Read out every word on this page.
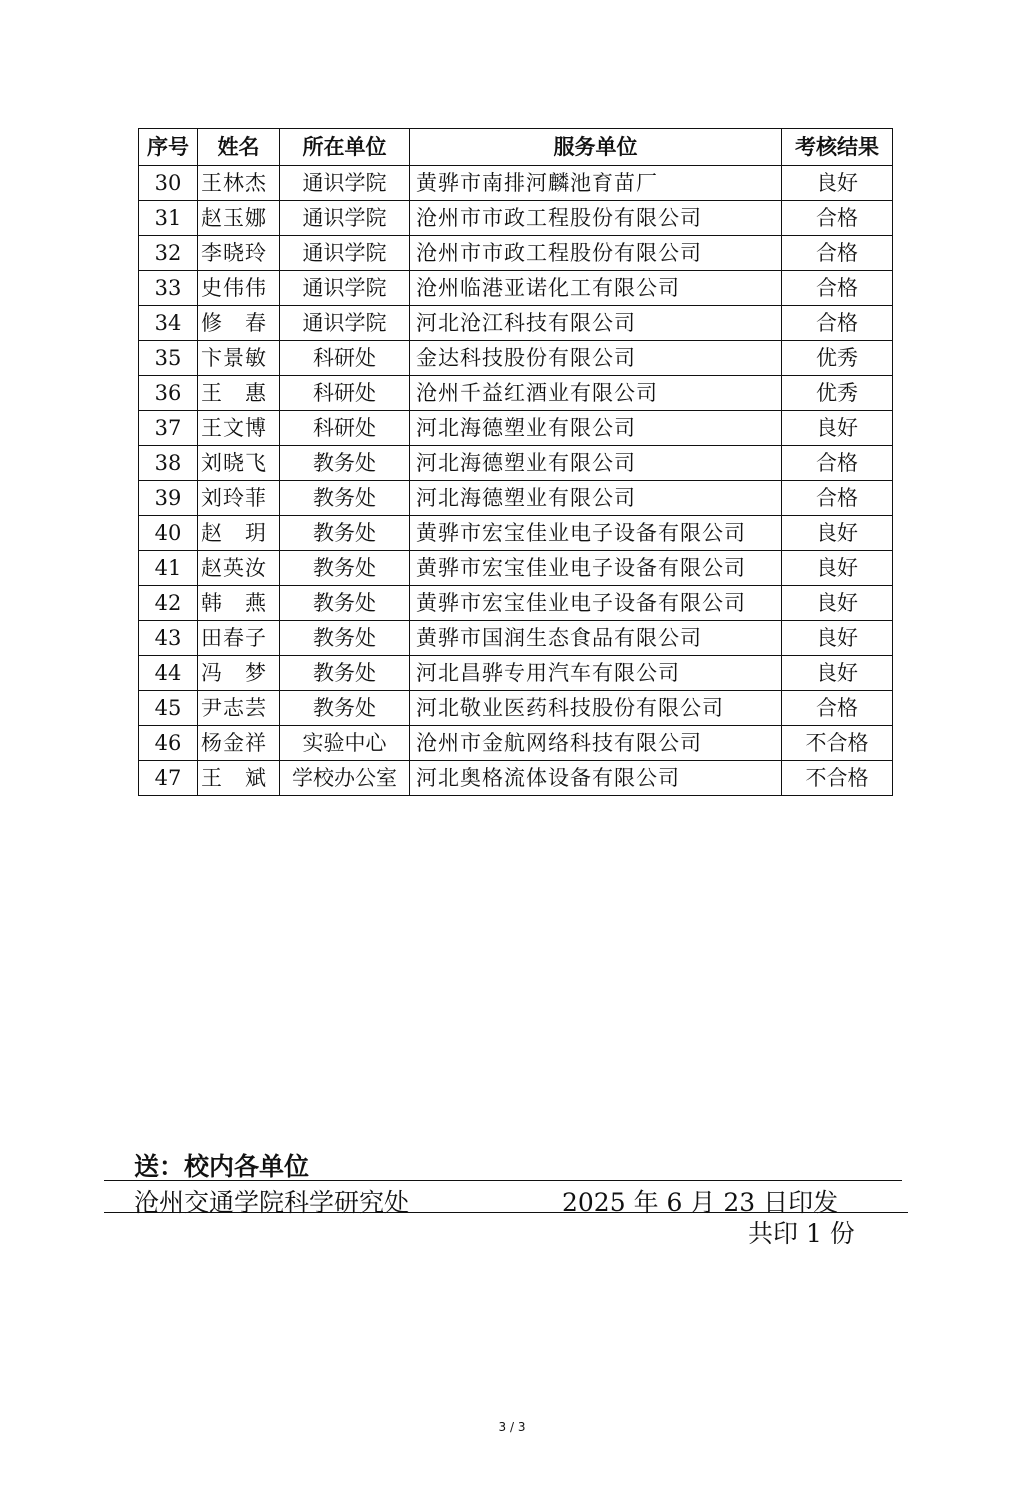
序号	姓名	所在单位	服务单位	考核结果
30	王林杰	通识学院	黄骅市南排河麟池育苗厂	良好
31	赵玉娜	通识学院	沧州市市政工程股份有限公司	合格
32	李晓玲	通识学院	沧州市市政工程股份有限公司	合格
33	史伟伟	通识学院	沧州临港亚诺化工有限公司	合格
34	修　春	通识学院	河北沧江科技有限公司	合格
35	卞景敏	科研处	金达科技股份有限公司	优秀
36	王　惠	科研处	沧州千益红酒业有限公司	优秀
37	王文博	科研处	河北海德塑业有限公司	良好
38	刘晓飞	教务处	河北海德塑业有限公司	合格
39	刘玲菲	教务处	河北海德塑业有限公司	合格
40	赵　玥	教务处	黄骅市宏宝佳业电子设备有限公司	良好
41	赵英汝	教务处	黄骅市宏宝佳业电子设备有限公司	良好
42	韩　燕	教务处	黄骅市宏宝佳业电子设备有限公司	良好
43	田春子	教务处	黄骅市国润生态食品有限公司	良好
44	冯　梦	教务处	河北昌骅专用汽车有限公司	良好
45	尹志芸	教务处	河北敬业医药科技股份有限公司	合格
46	杨金祥	实验中心	沧州市金航网络科技有限公司	不合格
47	王　斌	学校办公室	河北奥格流体设备有限公司	不合格
送：校内各单位
沧州交通学院科学研究处	2025 年 6 月 23 日印发
共印 1 份
3 / 3
